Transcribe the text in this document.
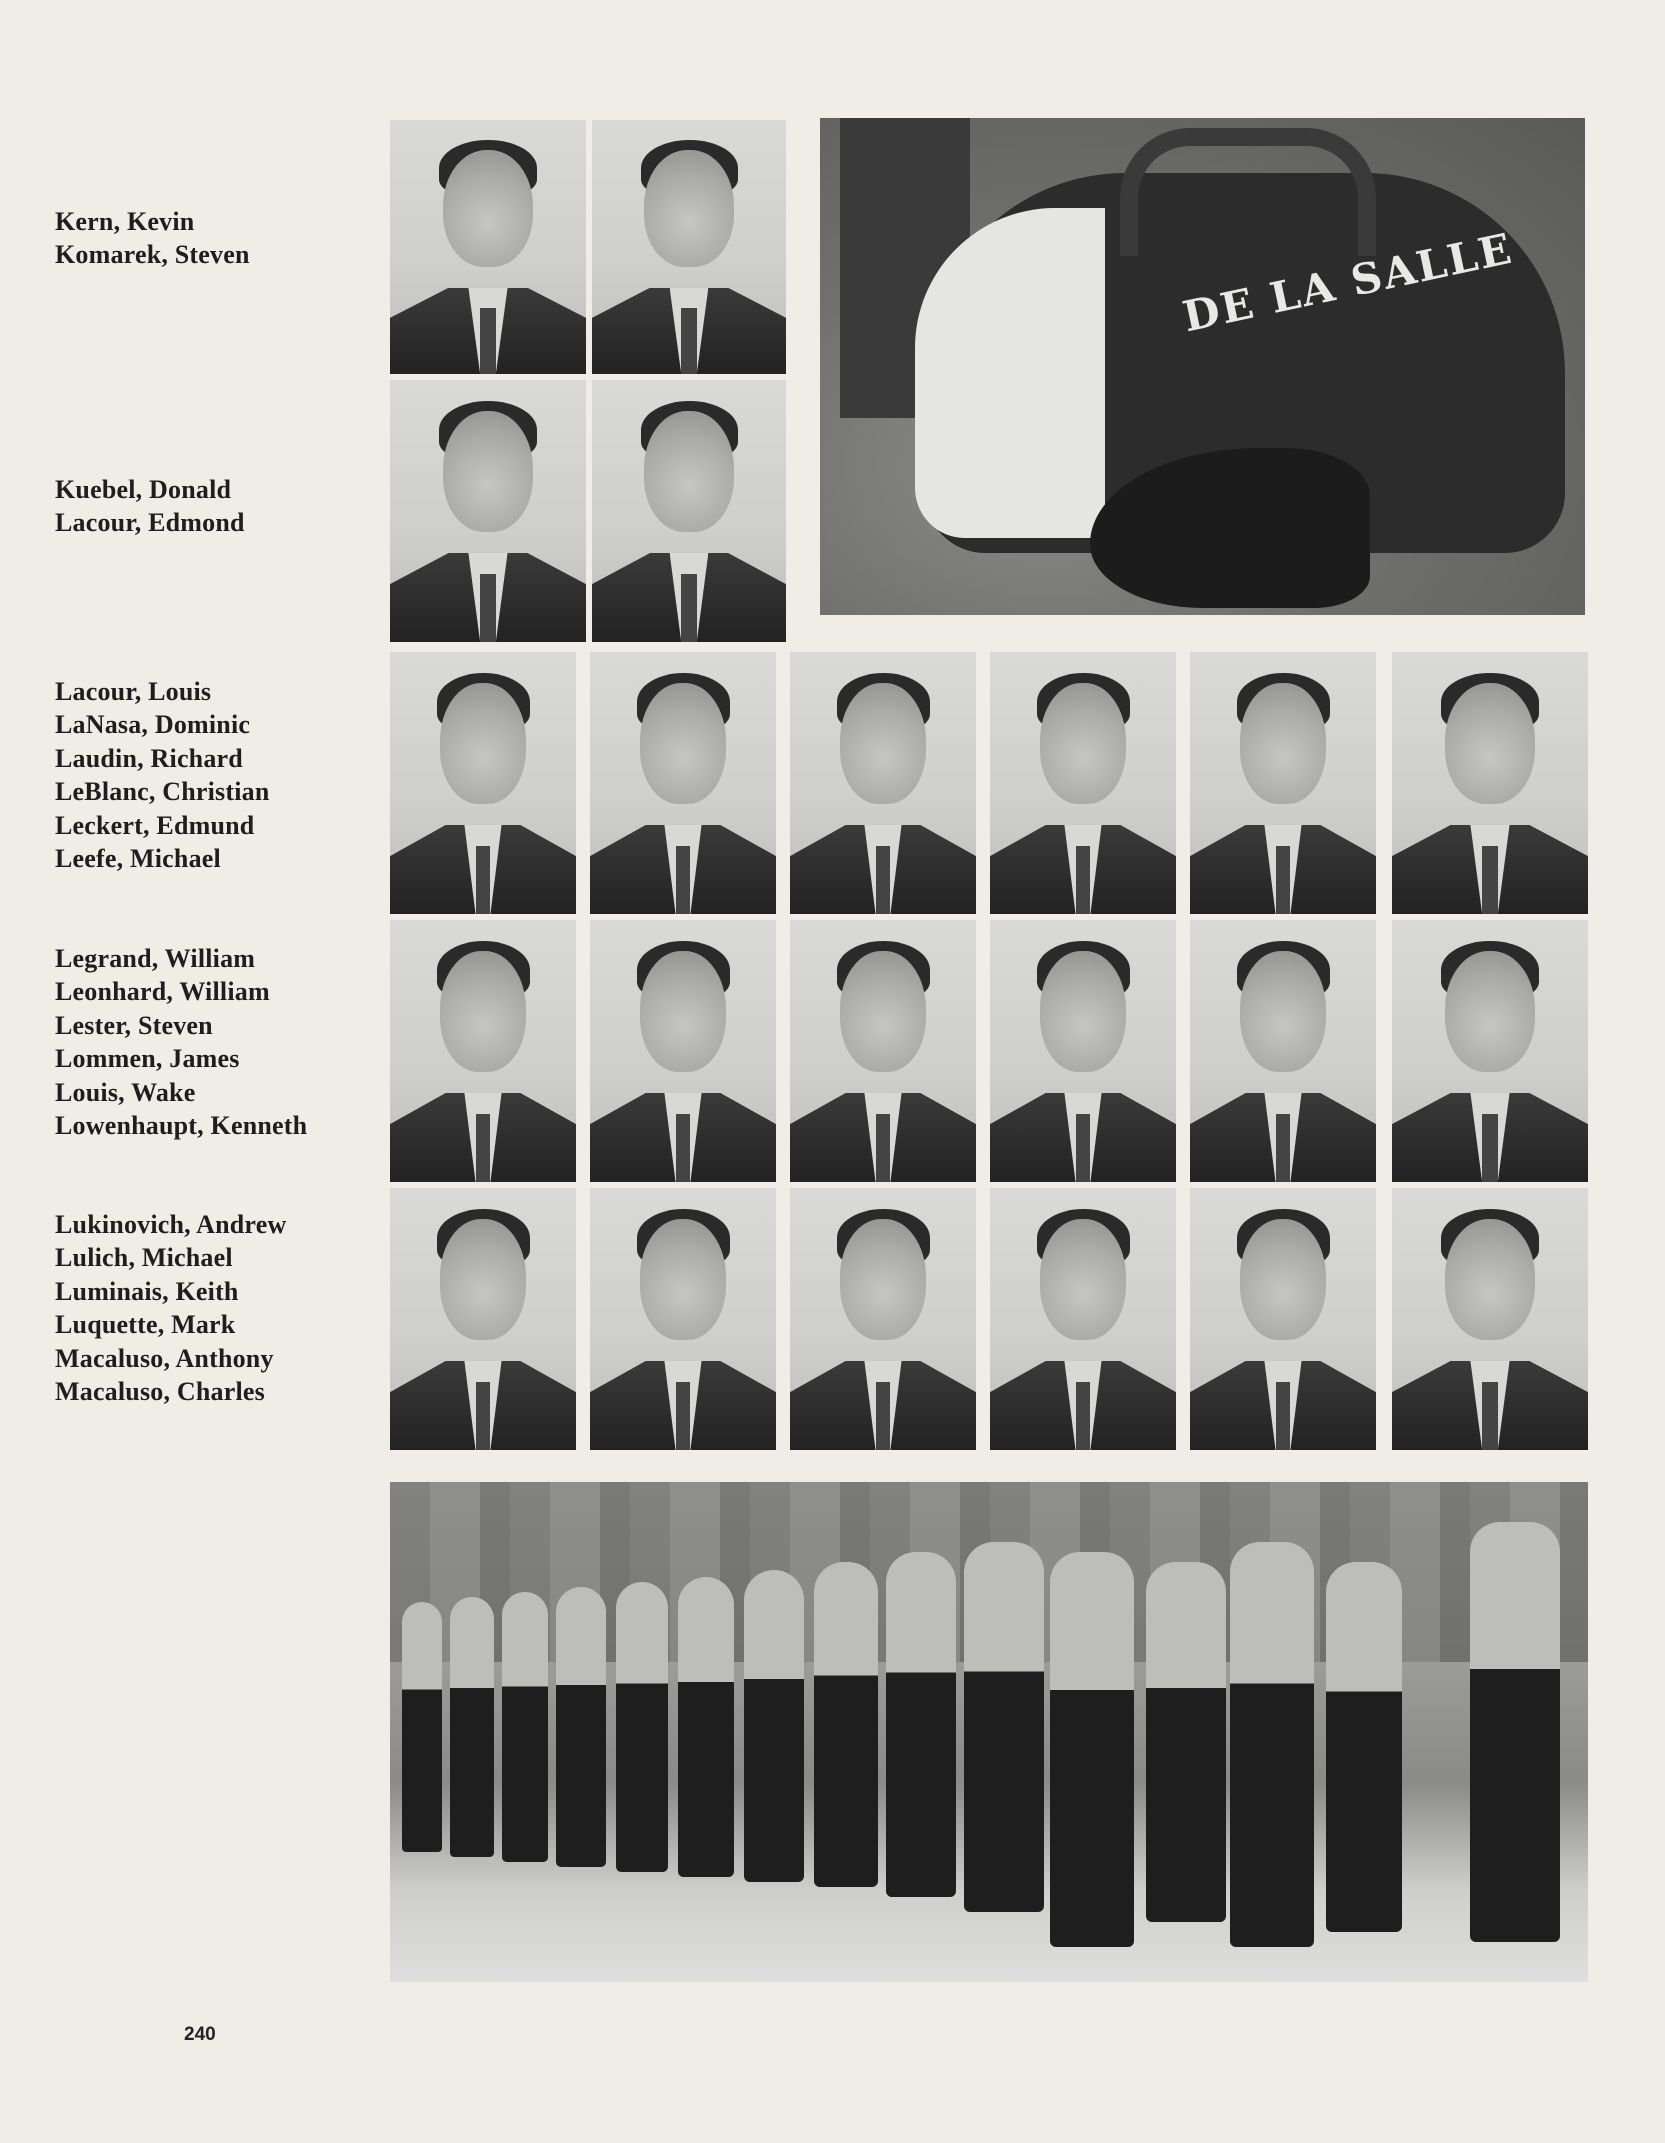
Kern, Kevin
Komarek, Steven
Kuebel, Donald
Lacour, Edmond
Lacour, Louis
LaNasa, Dominic
Laudin, Richard
LeBlanc, Christian
Leckert, Edmund
Leefe, Michael
Legrand, William
Leonhard, William
Lester, Steven
Lommen, James
Louis, Wake
Lowenhaupt, Kenneth
Lukinovich, Andrew
Lulich, Michael
Luminais, Keith
Luquette, Mark
Macaluso, Anthony
Macaluso, Charles
DE LA SALLE
240
